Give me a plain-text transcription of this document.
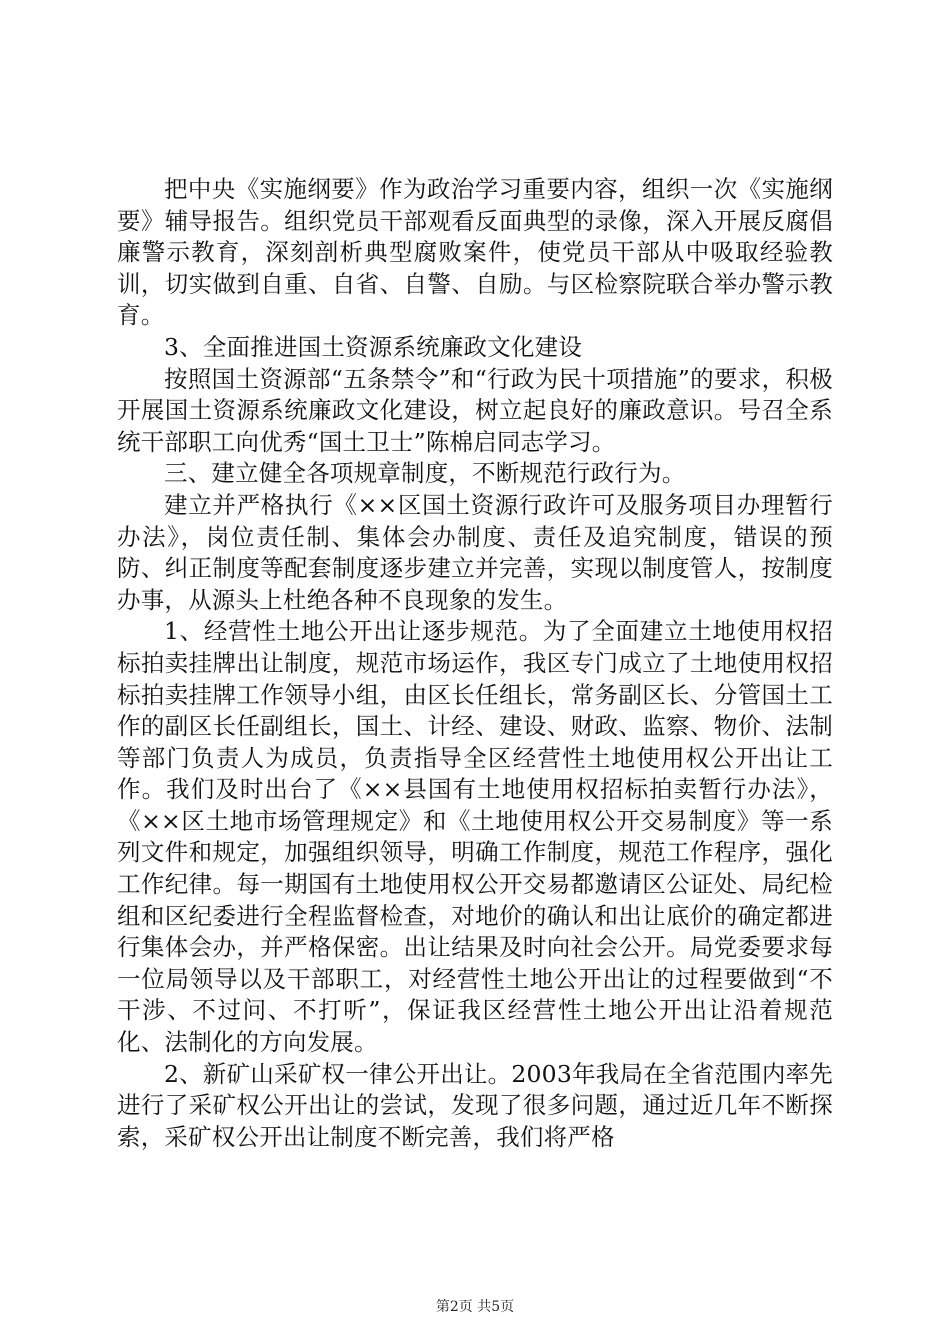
把中央《实施纲要》作为政治学习重要内容，组织一次《实施纲要》辅导报告。组织党员干部观看反面典型的录像，深入开展反腐倡廉警示教育，深刻剖析典型腐败案件，使党员干部从中吸取经验教训，切实做到自重、自省、自警、自励。与区检察院联合举办警示教育。

3、全面推进国土资源系统廉政文化建设

按照国土资源部“五条禁令”和“行政为民十项措施”的要求，积极开展国土资源系统廉政文化建设，树立起良好的廉政意识。号召全系统干部职工向优秀“国土卫士”陈棉启同志学习。

三、建立健全各项规章制度，不断规范行政行为。

建立并严格执行《××区国土资源行政许可及服务项目办理暂行办法》，岗位责任制、集体会办制度、责任及追究制度，错误的预防、纠正制度等配套制度逐步建立并完善，实现以制度管人，按制度办事，从源头上杜绝各种不良现象的发生。

1、经营性土地公开出让逐步规范。为了全面建立土地使用权招标拍卖挂牌出让制度，规范市场运作，我区专门成立了土地使用权招标拍卖挂牌工作领导小组，由区长任组长，常务副区长、分管国土工作的副区长任副组长，国土、计经、建设、财政、监察、物价、法制等部门负责人为成员，负责指导全区经营性土地使用权公开出让工作。我们及时出台了《××县国有土地使用权招标拍卖暂行办法》，《××区土地市场管理规定》和《土地使用权公开交易制度》等一系列文件和规定，加强组织领导，明确工作制度，规范工作程序，强化工作纪律。每一期国有土地使用权公开交易都邀请区公证处、局纪检组和区纪委进行全程监督检查，对地价的确认和出让底价的确定都进行集体会办，并严格保密。出让结果及时向社会公开。局党委要求每一位局领导以及干部职工，对经营性土地公开出让的过程要做到“不干涉、不过问、不打听”，保证我区经营性土地公开出让沿着规范化、法制化的方向发展。

2、新矿山采矿权一律公开出让。2003年我局在全省范围内率先进行了采矿权公开出让的尝试，发现了很多问题，通过近几年不断探索，采矿权公开出让制度不断完善，我们将严格

第2页 共5页
